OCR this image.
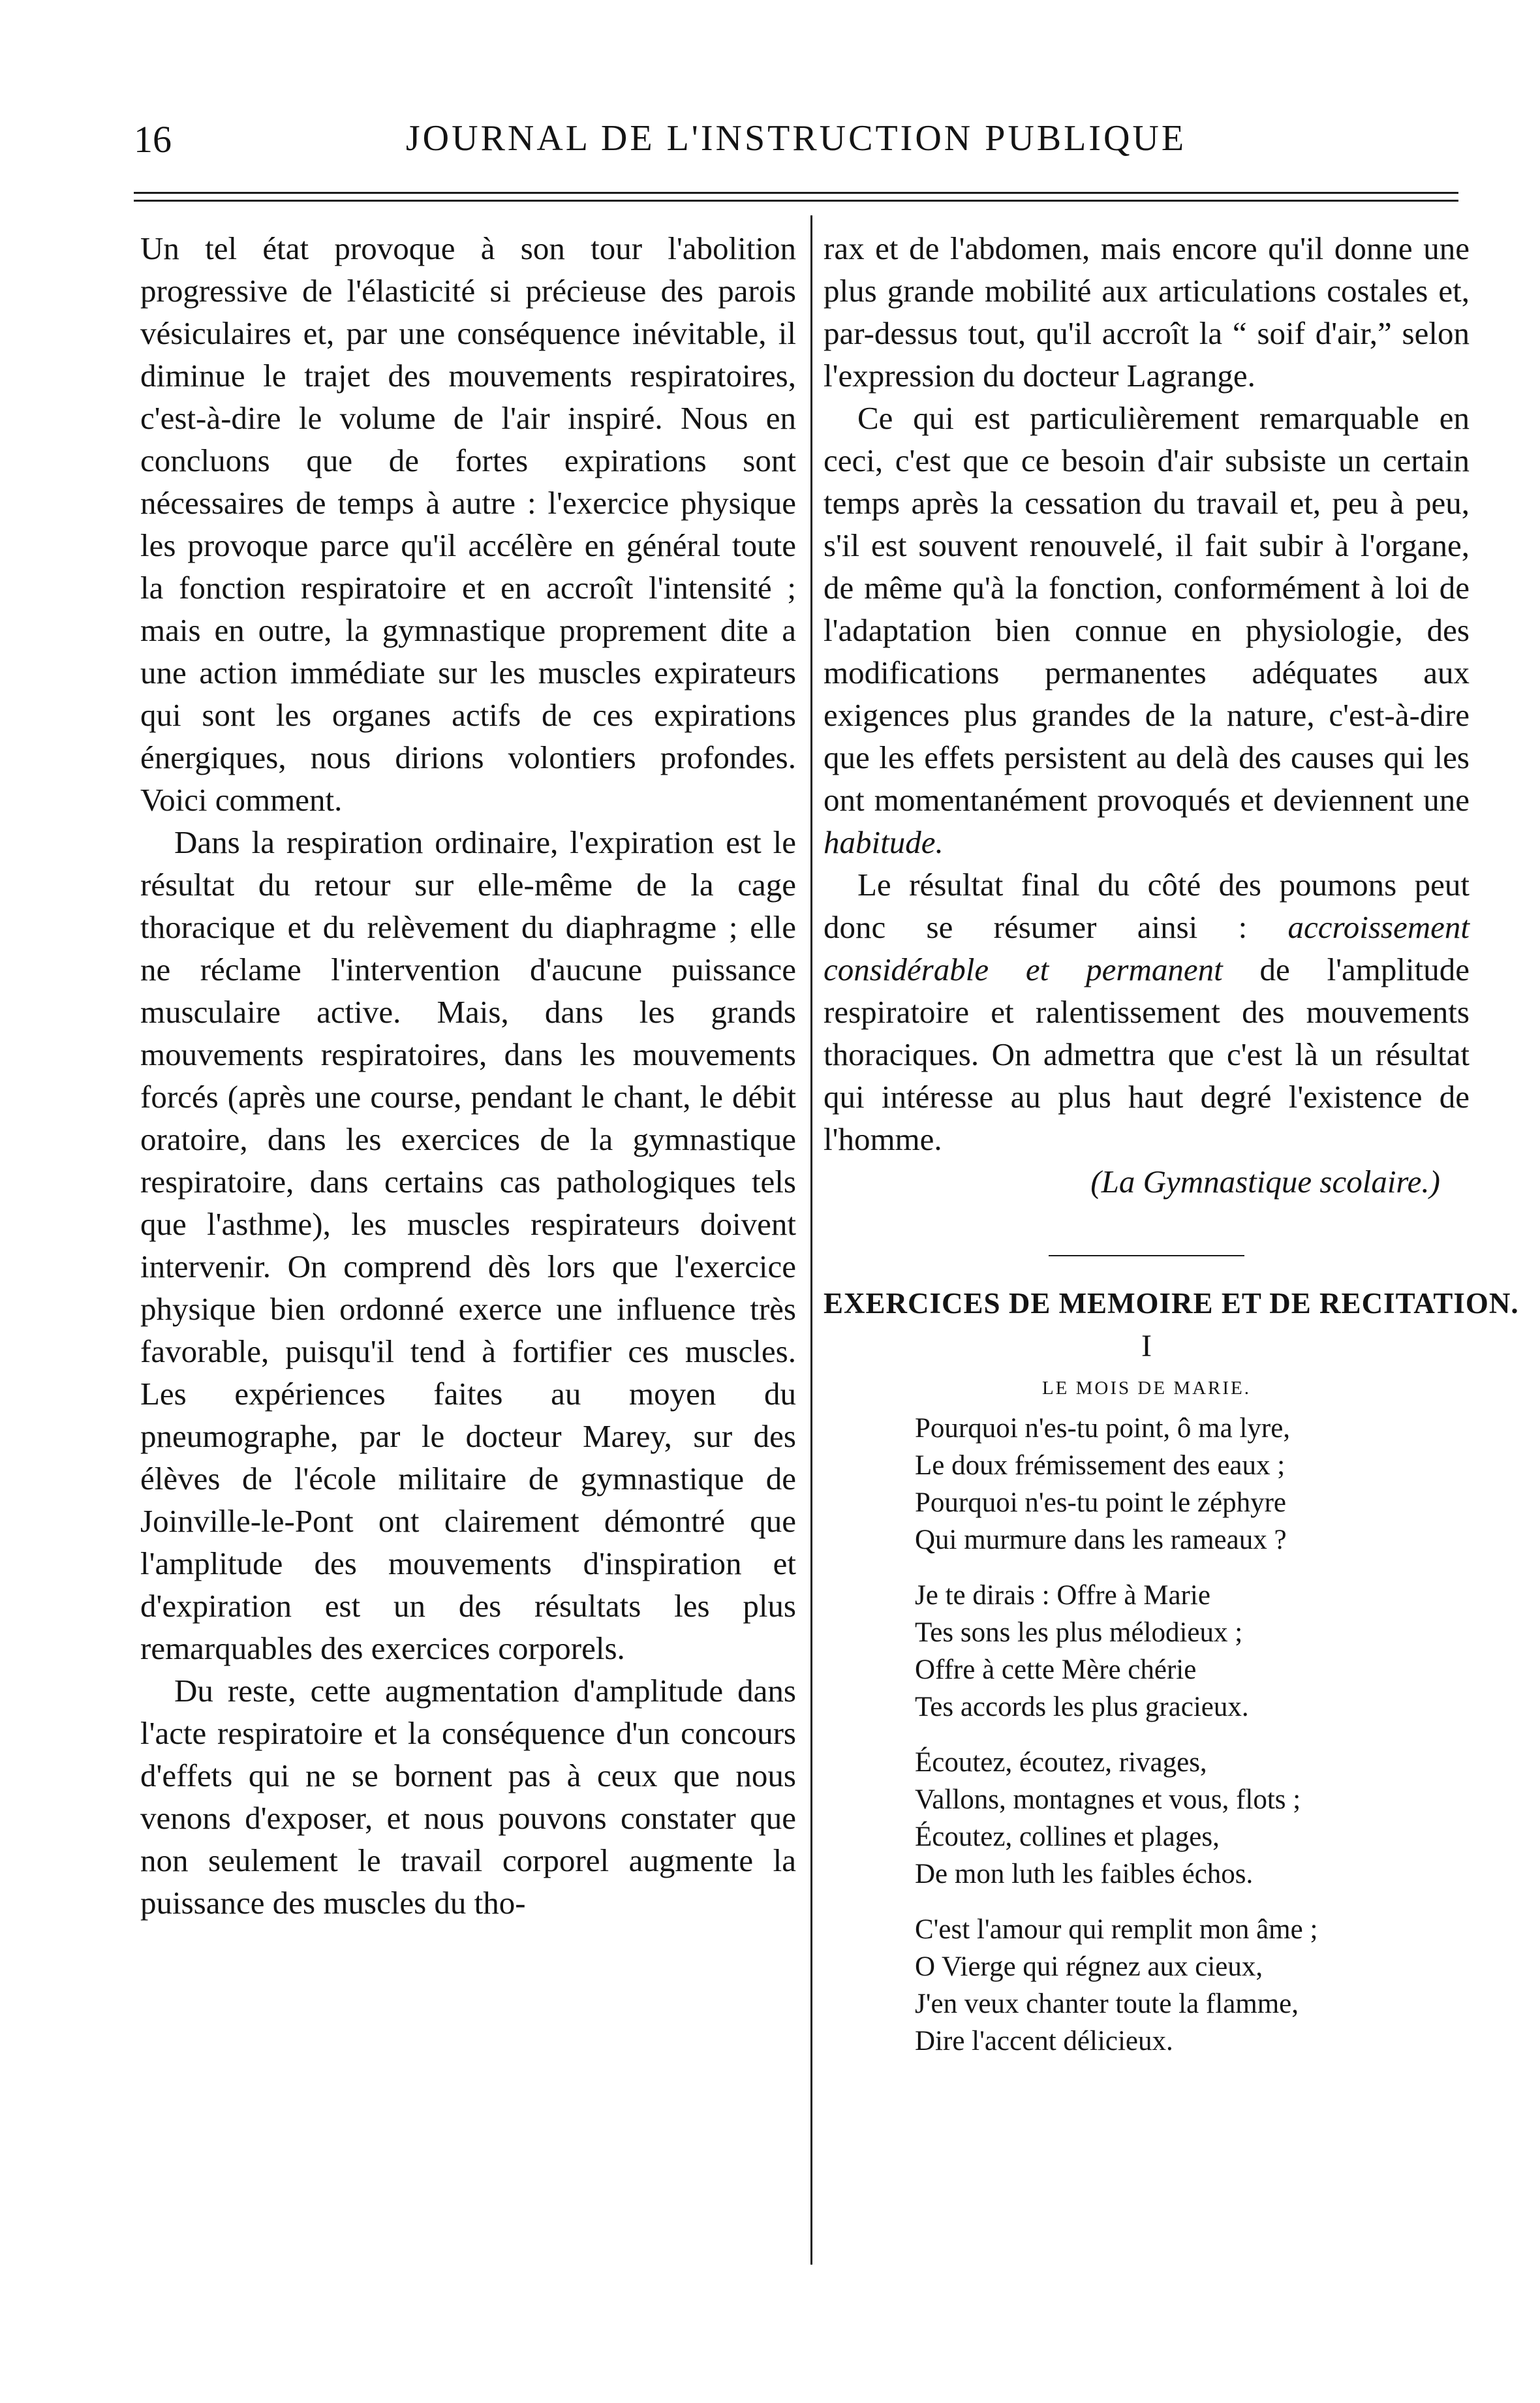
16	JOURNAL DE L'INSTRUCTION PUBLIQUE

Un tel état provoque à son tour l'abolition progressive de l'élasticité si précieuse des parois vésiculaires et, par une conséquence inévitable, il diminue le trajet des mouvements respiratoires, c'est-à-dire le volume de l'air inspiré. Nous en concluons que de fortes expirations sont nécessaires de temps à autre : l'exercice physique les provoque parce qu'il accélère en général toute la fonction respiratoire et en accroît l'intensité ; mais en outre, la gymnastique proprement dite a une action immédiate sur les muscles expirateurs qui sont les organes actifs de ces expirations énergiques, nous dirions volontiers profondes. Voici comment.

Dans la respiration ordinaire, l'expiration est le résultat du retour sur elle-même de la cage thoracique et du relèvement du diaphragme ; elle ne réclame l'intervention d'aucune puissance musculaire active. Mais, dans les grands mouvements respiratoires, dans les mouvements forcés (après une course, pendant le chant, le débit oratoire, dans les exercices de la gymnastique respiratoire, dans certains cas pathologiques tels que l'asthme), les muscles respirateurs doivent intervenir. On comprend dès lors que l'exercice physique bien ordonné exerce une influence très favorable, puisqu'il tend à fortifier ces muscles. Les expériences faites au moyen du pneumographe, par le docteur Marey, sur des élèves de l'école militaire de gymnastique de Joinville-le-Pont ont clairement démontré que l'amplitude des mouvements d'inspiration et d'expiration est un des résultats les plus remarquables des exercices corporels.

Du reste, cette augmentation d'amplitude dans l'acte respiratoire et la conséquence d'un concours d'effets qui ne se bornent pas à ceux que nous venons d'exposer, et nous pouvons constater que non seulement le travail corporel augmente la puissance des muscles du tho-

rax et de l'abdomen, mais encore qu'il donne une plus grande mobilité aux articulations costales et, par-dessus tout, qu'il accroît la “ soif d'air,” selon l'expression du docteur Lagrange.

Ce qui est particulièrement remarquable en ceci, c'est que ce besoin d'air subsiste un certain temps après la cessation du travail et, peu à peu, s'il est souvent renouvelé, il fait subir à l'organe, de même qu'à la fonction, conformément à loi de l'adaptation bien connue en physiologie, des modifications permanentes adéquates aux exigences plus grandes de la nature, c'est-à-dire que les effets persistent au delà des causes qui les ont momentanément provoqués et deviennent une habitude.

Le résultat final du côté des poumons peut donc se résumer ainsi : accroissement considérable et permanent de l'amplitude respiratoire et ralentissement des mouvements thoraciques. On admettra que c'est là un résultat qui intéresse au plus haut degré l'existence de l'homme.

(La Gymnastique scolaire.)

EXERCICES DE MEMOIRE ET DE RECITATION.

I

LE MOIS DE MARIE.

Pourquoi n'es-tu point, ô ma lyre,
Le doux frémissement des eaux ;
Pourquoi n'es-tu point le zéphyre
Qui murmure dans les rameaux ?
Je te dirais : Offre à Marie
Tes sons les plus mélodieux ;
Offre à cette Mère chérie
Tes accords les plus gracieux.
Écoutez, écoutez, rivages,
Vallons, montagnes et vous, flots ;
Écoutez, collines et plages,
De mon luth les faibles échos.
C'est l'amour qui remplit mon âme ;
O Vierge qui régnez aux cieux,
J'en veux chanter toute la flamme,
Dire l'accent délicieux.
